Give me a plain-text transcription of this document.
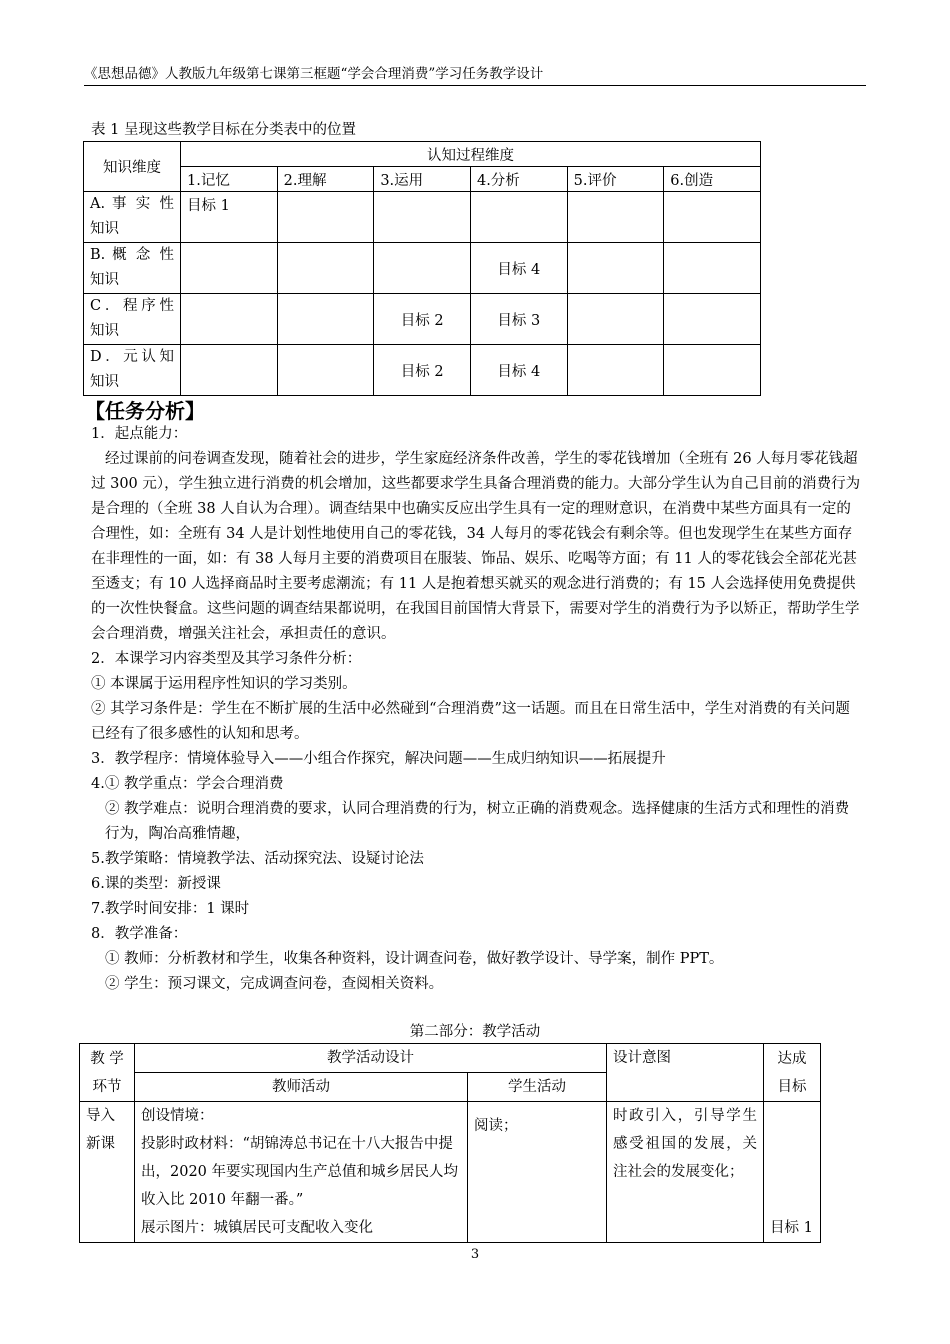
《思想品德》人教版九年级第七课第三框题“学会合理消费”学习任务教学设计
表 1 呈现这些教学目标在分类表中的位置
知识维度	认知过程维度					
	1.记忆	2.理解	3.运用	4.分析	5.评价	6.创造
A. 事 实 性 知识	目标 1					
B. 概 念 性 知识				目标 4		
C．程序性 知识			目标 2	目标 3		
D．元认知 知识			目标 2	目标 4		
【任务分析】

1．起点能力：

经过课前的问卷调查发现，随着社会的进步，学生家庭经济条件改善，学生的零花钱增加（全班有 26 人每月零花钱超过 300 元），学生独立进行消费的机会增加，这些都要求学生具备合理消费的能力。大部分学生认为自己目前的消费行为是合理的（全班 38 人自认为合理）。调查结果中也确实反应出学生具有一定的理财意识，在消费中某些方面具有一定的合理性，如：全班有 34 人是计划性地使用自己的零花钱，34 人每月的零花钱会有剩余等。但也发现学生在某些方面存在非理性的一面，如：有 38 人每月主要的消费项目在服装、饰品、娱乐、吃喝等方面；有 11 人的零花钱会全部花光甚至透支；有 10 人选择商品时主要考虑潮流；有 11 人是抱着想买就买的观念进行消费的；有 15 人会选择使用免费提供的一次性快餐盒。这些问题的调查结果都说明，在我国目前国情大背景下，需要对学生的消费行为予以矫正，帮助学生学会合理消费，增强关注社会，承担责任的意识。

2．本课学习内容类型及其学习条件分析：

① 本课属于运用程序性知识的学习类别。

② 其学习条件是：学生在不断扩展的生活中必然碰到“合理消费”这一话题。而且在日常生活中，学生对消费的有关问题已经有了很多感性的认知和思考。

3．教学程序：情境体验导入——小组合作探究，解决问题——生成归纳知识——拓展提升

4.① 教学重点：学会合理消费

② 教学难点：说明合理消费的要求，认同合理消费的行为，树立正确的消费观念。选择健康的生活方式和理性的消费行为，陶冶高雅情趣，

5.教学策略：情境教学法、活动探究法、设疑讨论法

6.课的类型：新授课

7.教学时间安排：1 课时

8．教学准备：

① 教师：分析教材和学生，收集各种资料，设计调查问卷，做好教学设计、导学案，制作 PPT。

② 学生：预习课文，完成调查问卷，查阅相关资料。

第二部分：教学活动
教 学 环节	教学活动设计		设计意图	达成 目标
	教师活动	学生活动		
导入 新课	创设情境：
投影时政材料：“胡锦涛总书记在十八大报告中提出，2020 年要实现国内生产总值和城乡居民人均收入比 2010 年翻一番。”
展示图片：城镇居民可支配收入变化	阅读；	时政引入，引导学生感受祖国的发展，关注社会的发展变化；	目标 1
3
